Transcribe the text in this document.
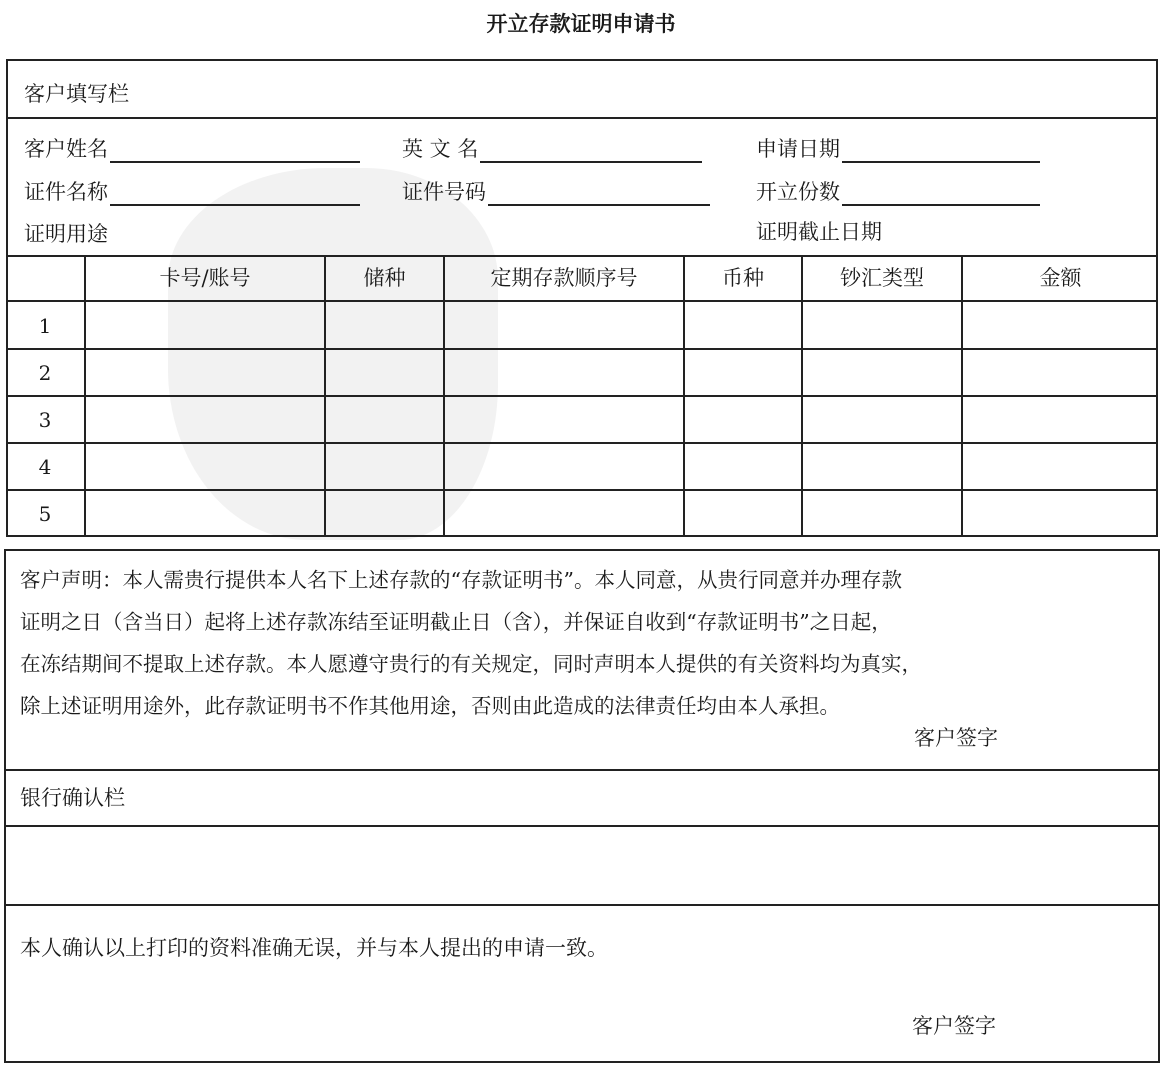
开立存款证明申请书
客户填写栏
客户姓名	英 文 名	申请日期
证件名称	证件号码	开立份数
证明用途	证明截止日期
卡号/账号	储种	定期存款顺序号	币种	钞汇类型	金额
1
2
3
4
5
客户声明：本人需贵行提供本人名下上述存款的“存款证明书”。本人同意，从贵行同意并办理存款
证明之日（含当日）起将上述存款冻结至证明截止日（含），并保证自收到“存款证明书”之日起，
在冻结期间不提取上述存款。本人愿遵守贵行的有关规定，同时声明本人提供的有关资料均为真实，
除上述证明用途外，此存款证明书不作其他用途，否则由此造成的法律责任均由本人承担。
客户签字
银行确认栏
本人确认以上打印的资料准确无误，并与本人提出的申请一致。
客户签字
